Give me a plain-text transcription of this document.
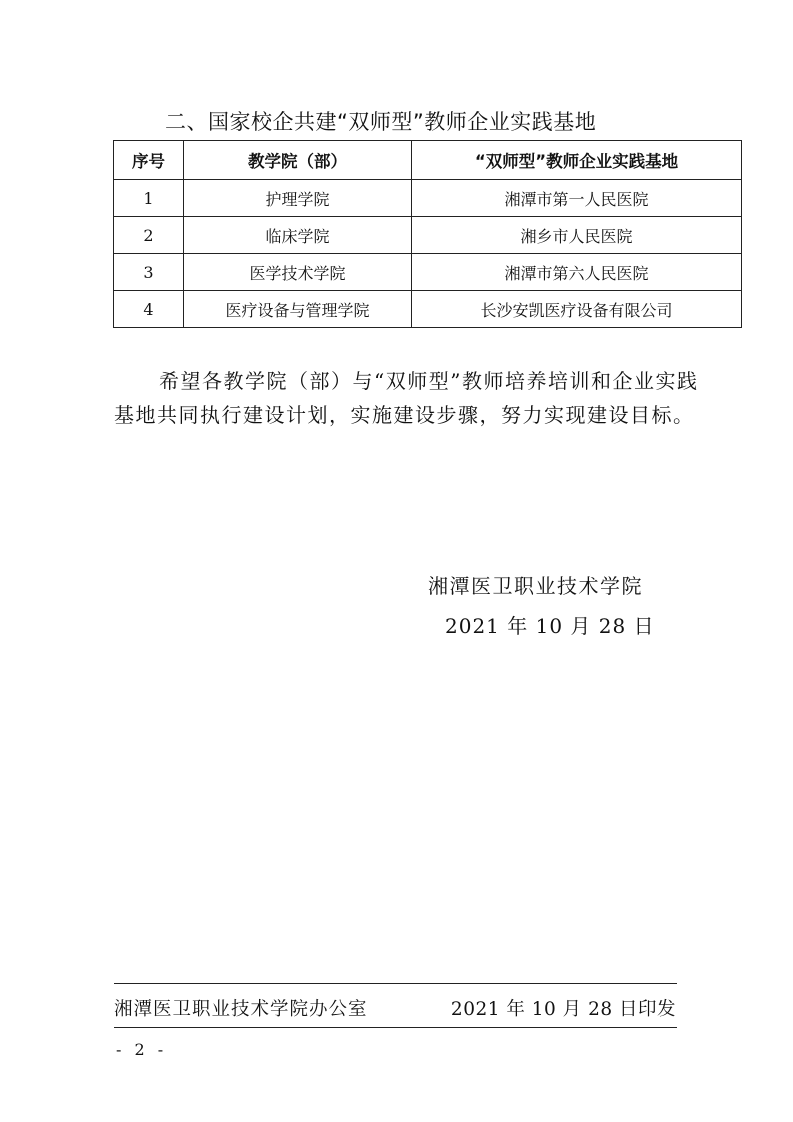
二、国家校企共建“双师型”教师企业实践基地
序号	教学院（部）	“双师型”教师企业实践基地
1	护理学院	湘潭市第一人民医院
2	临床学院	湘乡市人民医院
3	医学技术学院	湘潭市第六人民医院
4	医疗设备与管理学院	长沙安凯医疗设备有限公司
希望各教学院（部）与“双师型”教师培养培训和企业实践基地共同执行建设计划，实施建设步骤，努力实现建设目标。
湘潭医卫职业技术学院
2021 年 10 月 28 日
湘潭医卫职业技术学院办公室	2021 年 10 月 28 日印发
- 2 -
